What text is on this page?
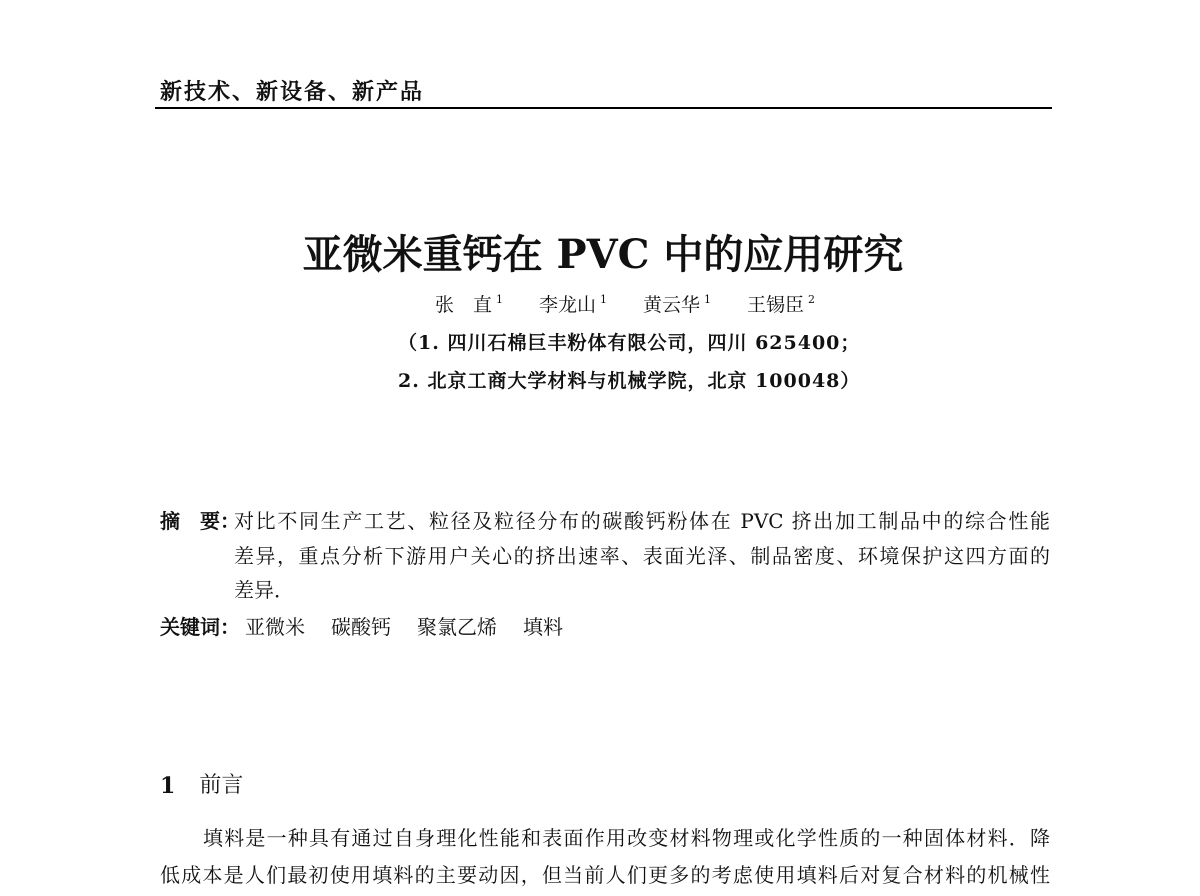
新技术、新设备、新产品
亚微米重钙在 PVC 中的应用研究
张　直 $^1$ 李龙山 $^1$ 黄云华 $^1$ 王锡臣 $^2$
（1. 四川石棉巨丰粉体有限公司，四川 625400；
2. 北京工商大学材料与机械学院，北京 100048）
摘　要：
对比不同生产工艺、粒径及粒径分布的碳酸钙粉体在 PVC 挤出加工制品中的综合性能
差异，重点分析下游用户关心的挤出速率、表面光泽、制品密度、环境保护这四方面的
差异．
关键词： 亚微米 碳酸钙 聚氯乙烯 填料
1 前言
填料是一种具有通过自身理化性能和表面作用改变材料物理或化学性质的一种固体材料．降
低成本是人们最初使用填料的主要动因，但当前人们更多的考虑使用填料后对复合材料的机械性
